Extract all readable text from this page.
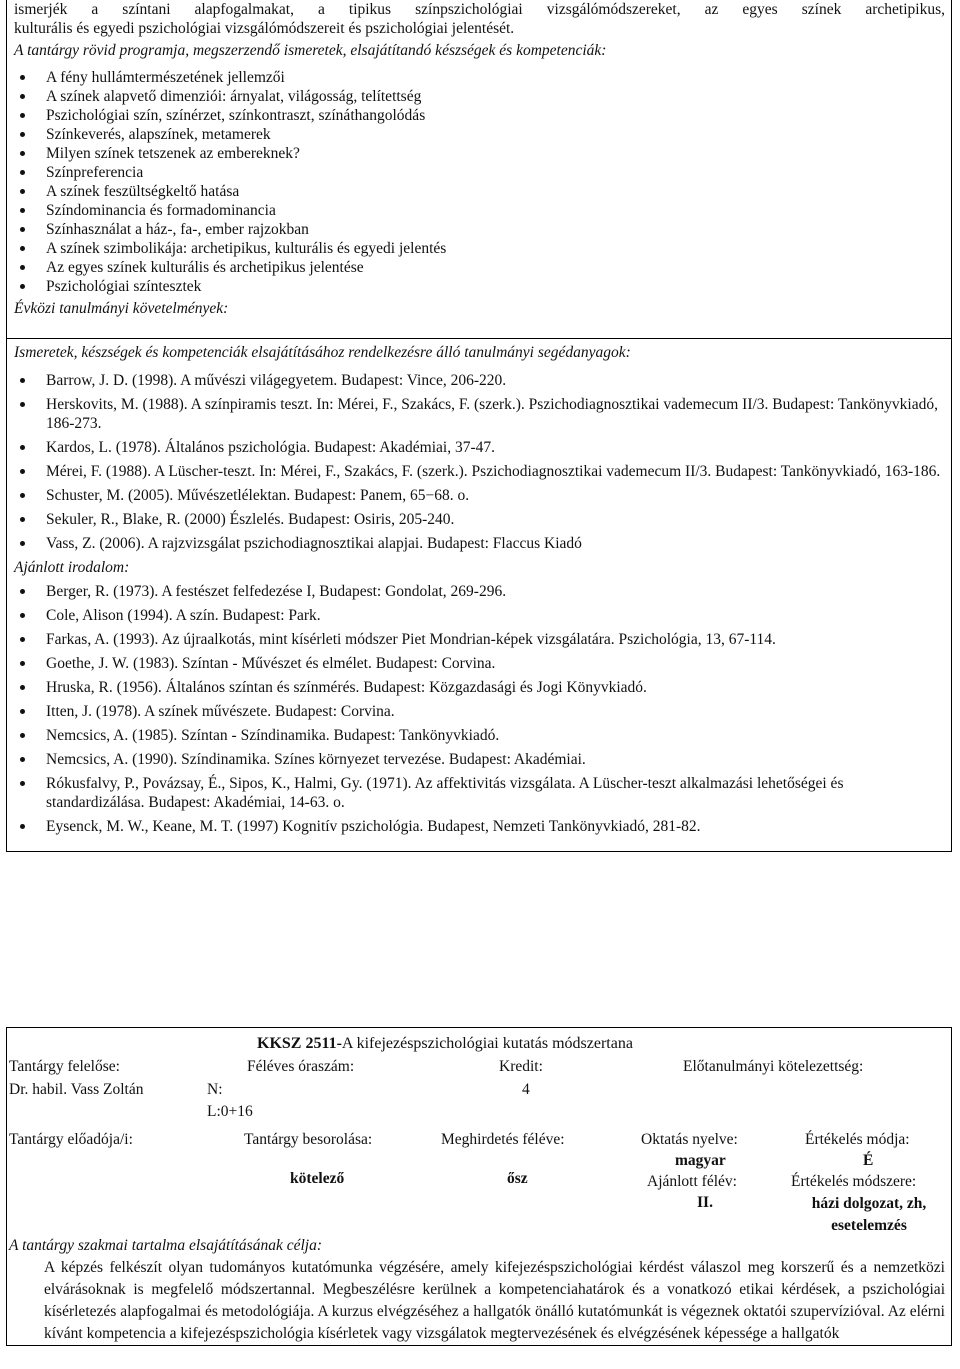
ismerjék a színtani alapfogalmakat, a tipikus színpszichológiai vizsgálómódszereket, az egyes színek archetipikus,
kulturális és egyedi pszichológiai vizsgálómódszereit és pszichológiai jelentését.
A tantárgy rövid programja, megszerzendő ismeretek, elsajátítandó készségek és kompetenciák:
A fény hullámtermészetének jellemzői
A színek alapvető dimenziói: árnyalat, világosság, telítettség
Pszichológiai szín, színérzet, színkontraszt, színáthangolódás
Színkeverés, alapszínek, metamerek
Milyen színek tetszenek az embereknek?
Színpreferencia
A színek feszültségkeltő hatása
Színdominancia és formadominancia
Színhasználat a ház-, fa-, ember rajzokban
A színek szimbolikája: archetipikus, kulturális és egyedi jelentés
Az egyes színek kulturális és archetipikus jelentése
Pszichológiai színtesztek
Évközi tanulmányi követelmények:
Ismeretek, készségek és kompetenciák elsajátításához rendelkezésre álló tanulmányi segédanyagok:
Barrow, J. D. (1998). A művészi világegyetem. Budapest: Vince, 206-220.
Herskovits, M. (1988). A színpiramis teszt. In: Mérei, F., Szakács, F. (szerk.). Pszichodiagnosztikai vademecum II/3. Budapest: Tankönyvkiadó, 186-273.
Kardos, L. (1978). Általános pszichológia. Budapest: Akadémiai, 37-47.
Mérei, F. (1988). A Lüscher-teszt. In: Mérei, F., Szakács, F. (szerk.). Pszichodiagnosztikai vademecum II/3. Budapest: Tankönyvkiadó, 163-186.
Schuster, M. (2005). Művészetlélektan. Budapest: Panem, 65−68. o.
Sekuler, R., Blake, R. (2000) Észlelés. Budapest: Osiris, 205-240.
Vass, Z. (2006). A rajzvizsgálat pszichodiagnosztikai alapjai. Budapest: Flaccus Kiadó
Ajánlott irodalom:
Berger, R. (1973). A festészet felfedezése I, Budapest: Gondolat, 269-296.
Cole, Alison (1994). A szín. Budapest: Park.
Farkas, A. (1993). Az újraalkotás, mint kísérleti módszer Piet Mondrian-képek vizsgálatára. Pszichológia, 13, 67-114.
Goethe, J. W. (1983). Színtan - Művészet és elmélet. Budapest: Corvina.
Hruska, R. (1956). Általános színtan és színmérés. Budapest: Közgazdasági és Jogi Könyvkiadó.
Itten, J. (1978). A színek művészete. Budapest: Corvina.
Nemcsics, A. (1985). Színtan - Színdinamika. Budapest: Tankönyvkiadó.
Nemcsics, A. (1990). Színdinamika. Színes környezet tervezése. Budapest: Akadémiai.
Rókusfalvy, P., Povázsay, É., Sipos, K., Halmi, Gy. (1971). Az affektivitás vizsgálata. A Lüscher-teszt alkalmazási lehetőségei és standardizálása. Budapest: Akadémiai, 14-63. o.
Eysenck, M. W., Keane, M. T. (1997) Kognitív pszichológia. Budapest, Nemzeti Tankönyvkiadó, 281-82.
KKSZ 2511-A kifejezéspszichológiai kutatás módszertana
Tantárgy felelőse:
Dr. habil. Vass Zoltán
Féléves óraszám:
N:
L:0+16
Kredit:
4
Előtanulmányi kötelezettség:
Tantárgy előadója/i:	Tantárgy besorolása:
kötelező
Meghirdetés féléve:
ősz
Oktatás nyelve:
magyar
Ajánlott félév:
II.
Értékelés módja:
É
Értékelés módszere:
házi dolgozat, zh, esetelemzés
A tantárgy szakmai tartalma elsajátításának célja:
A képzés felkészít olyan tudományos kutatómunka végzésére, amely kifejezéspszichológiai kérdést válaszol meg korszerű és a nemzetközi elvárásoknak is megfelelő módszertannal. Megbeszélésre kerülnek a kompetenciahatárok és a vonatkozó etikai kérdések, a pszichológiai kísérletezés alapfogalmai és metodológiája. A kurzus elvégzéséhez a hallgatók önálló kutatómunkát is végeznek oktatói szupervízióval. Az elérni kívánt kompetencia a kifejezéspszichológia kísérletek vagy vizsgálatok megtervezésének és elvégzésének képessége a hallgatók
